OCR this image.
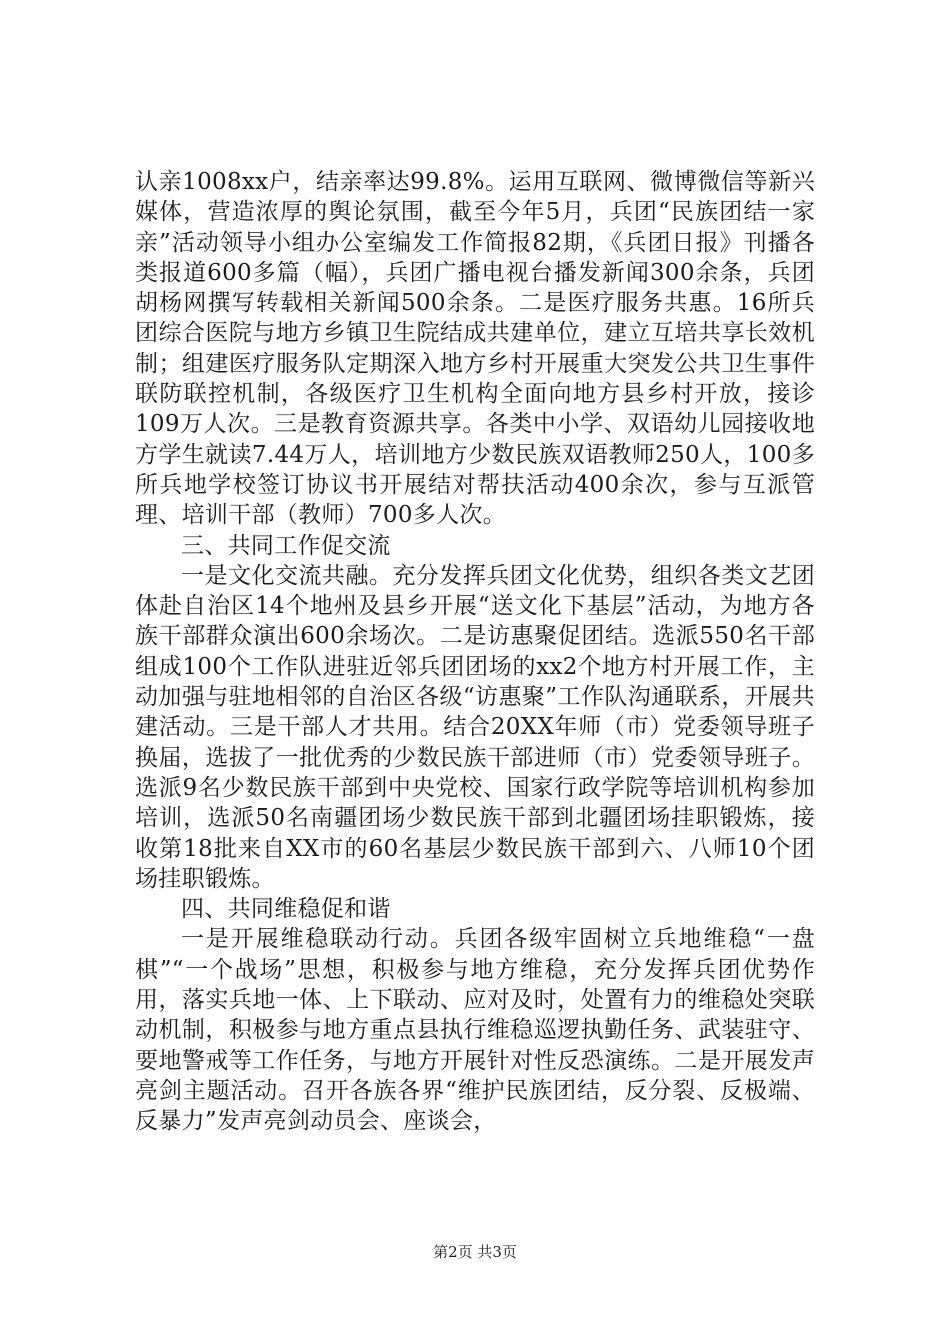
认亲1008xx户，结亲率达99.8%。运用互联网、微博微信等新兴媒体，营造浓厚的舆论氛围，截至今年5月，兵团“民族团结一家亲”活动领导小组办公室编发工作简报82期，《兵团日报》刊播各类报道600多篇（幅），兵团广播电视台播发新闻300余条，兵团胡杨网撰写转载相关新闻500余条。二是医疗服务共惠。16所兵团综合医院与地方乡镇卫生院结成共建单位，建立互培共享长效机制；组建医疗服务队定期深入地方乡村开展重大突发公共卫生事件联防联控机制，各级医疗卫生机构全面向地方县乡村开放，接诊109万人次。三是教育资源共享。各类中小学、双语幼儿园接收地方学生就读7.44万人，培训地方少数民族双语教师250人，100多所兵地学校签订协议书开展结对帮扶活动400余次，参与互派管理、培训干部（教师）700多人次。

三、共同工作促交流

一是文化交流共融。充分发挥兵团文化优势，组织各类文艺团体赴自治区14个地州及县乡开展“送文化下基层”活动，为地方各族干部群众演出600余场次。二是访惠聚促团结。选派550名干部组成100个工作队进驻近邻兵团团场的xx2个地方村开展工作，主动加强与驻地相邻的自治区各级“访惠聚”工作队沟通联系，开展共建活动。三是干部人才共用。结合20XX年师（市）党委领导班子换届，选拔了一批优秀的少数民族干部进师（市）党委领导班子。选派9名少数民族干部到中央党校、国家行政学院等培训机构参加培训，选派50名南疆团场少数民族干部到北疆团场挂职锻炼，接收第18批来自XX市的60名基层少数民族干部到六、八师10个团场挂职锻炼。

四、共同维稳促和谐

一是开展维稳联动行动。兵团各级牢固树立兵地维稳“一盘棋”“一个战场”思想，积极参与地方维稳，充分发挥兵团优势作用，落实兵地一体、上下联动、应对及时，处置有力的维稳处突联动机制，积极参与地方重点县执行维稳巡逻执勤任务、武装驻守、要地警戒等工作任务，与地方开展针对性反恐演练。二是开展发声亮剑主题活动。召开各族各界“维护民族团结，反分裂、反极端、反暴力”发声亮剑动员会、座谈会，

第2页 共3页
